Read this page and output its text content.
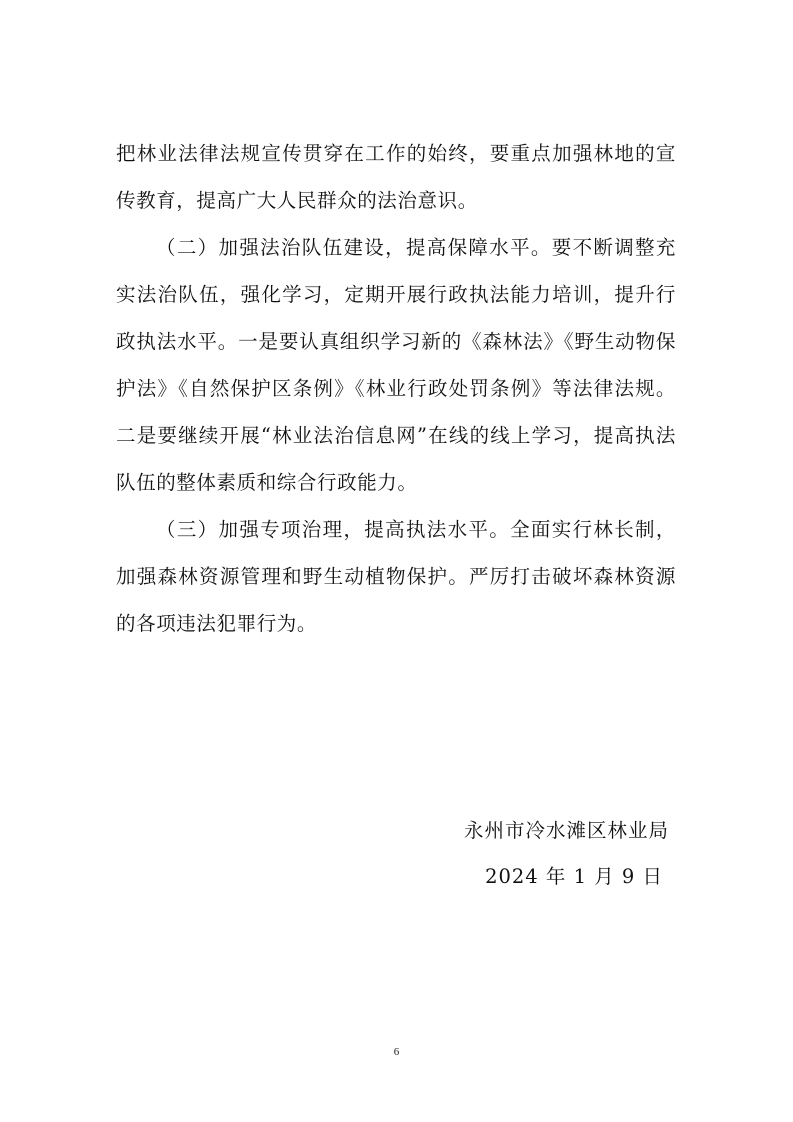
把林业法律法规宣传贯穿在工作的始终，要重点加强林地的宣传教育，提高广大人民群众的法治意识。

（二）加强法治队伍建设，提高保障水平。要不断调整充实法治队伍，强化学习，定期开展行政执法能力培训，提升行政执法水平。一是要认真组织学习新的《森林法》《野生动物保护法》《自然保护区条例》《林业行政处罚条例》等法律法规。二是要继续开展“林业法治信息网”在线的线上学习，提高执法队伍的整体素质和综合行政能力。

（三）加强专项治理，提高执法水平。全面实行林长制，加强森林资源管理和野生动植物保护。严厉打击破坏森林资源的各项违法犯罪行为。

永州市冷水滩区林业局
2024 年 1 月 9 日
6
